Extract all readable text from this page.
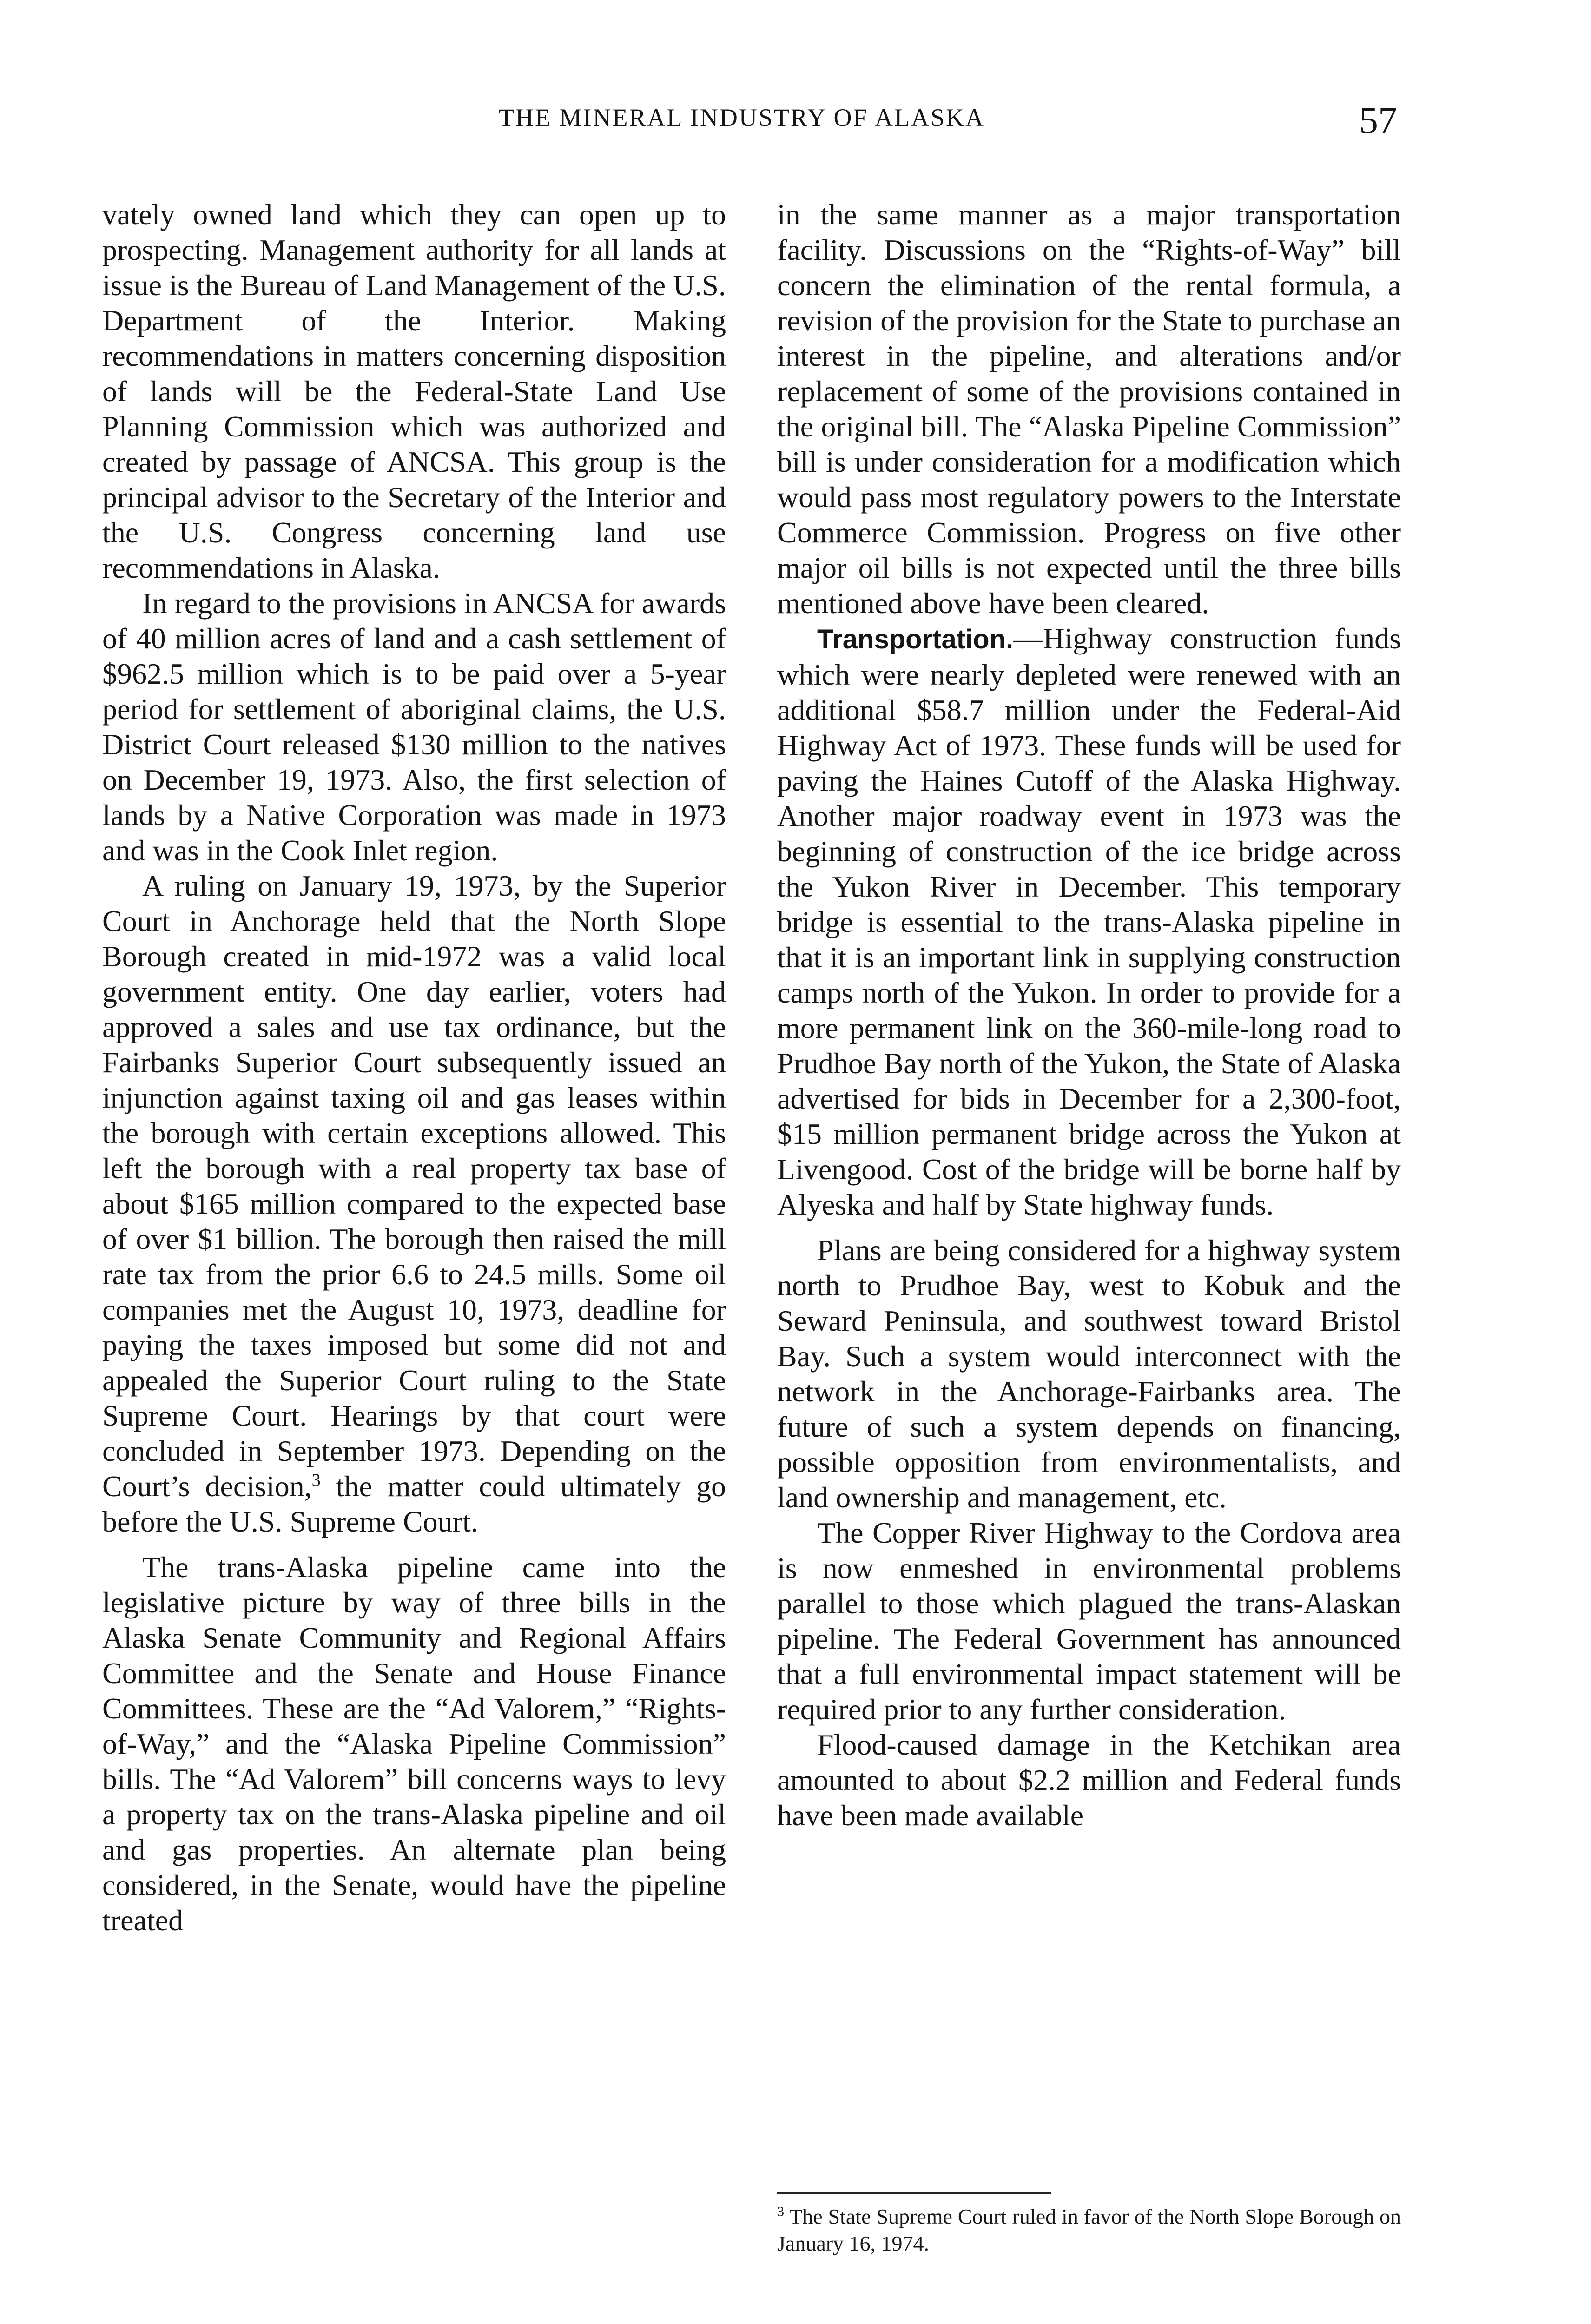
THE MINERAL INDUSTRY OF ALASKA	57

vately owned land which they can open up to prospecting. Management authority for all lands at issue is the Bureau of Land Management of the U.S. Department of the Interior. Making recommendations in matters concerning disposition of lands will be the Federal-State Land Use Planning Commission which was authorized and created by passage of ANCSA. This group is the principal advisor to the Secretary of the Interior and the U.S. Congress concerning land use recommendations in Alaska.

In regard to the provisions in ANCSA for awards of 40 million acres of land and a cash settlement of $962.5 million which is to be paid over a 5-year period for settlement of aboriginal claims, the U.S. District Court released $130 million to the natives on December 19, 1973. Also, the first selection of lands by a Native Corporation was made in 1973 and was in the Cook Inlet region.

A ruling on January 19, 1973, by the Superior Court in Anchorage held that the North Slope Borough created in mid-1972 was a valid local government entity. One day earlier, voters had approved a sales and use tax ordinance, but the Fairbanks Superior Court subsequently issued an injunction against taxing oil and gas leases within the borough with certain exceptions allowed. This left the borough with a real property tax base of about $165 million compared to the expected base of over $1 billion. The borough then raised the mill rate tax from the prior 6.6 to 24.5 mills. Some oil companies met the August 10, 1973, deadline for paying the taxes imposed but some did not and appealed the Superior Court ruling to the State Supreme Court. Hearings by that court were concluded in September 1973. Depending on the Court’s decision,$^3$ the matter could ultimately go before the U.S. Supreme Court.

The trans-Alaska pipeline came into the legislative picture by way of three bills in the Alaska Senate Community and Regional Affairs Committee and the Senate and House Finance Committees. These are the “Ad Valorem,” “Rights-of-Way,” and the “Alaska Pipeline Commission” bills. The “Ad Valorem” bill concerns ways to levy a property tax on the trans-Alaska pipeline and oil and gas properties. An alternate plan being considered, in the Senate, would have the pipeline treated

in the same manner as a major transportation facility. Discussions on the “Rights-of-Way” bill concern the elimination of the rental formula, a revision of the provision for the State to purchase an interest in the pipeline, and alterations and/or replacement of some of the provisions contained in the original bill. The “Alaska Pipeline Commission” bill is under consideration for a modification which would pass most regulatory powers to the Interstate Commerce Commission. Progress on five other major oil bills is not expected until the three bills mentioned above have been cleared.

Transportation.—Highway construction funds which were nearly depleted were renewed with an additional $58.7 million under the Federal-Aid Highway Act of 1973. These funds will be used for paving the Haines Cutoff of the Alaska Highway. Another major roadway event in 1973 was the beginning of construction of the ice bridge across the Yukon River in December. This temporary bridge is essential to the trans-Alaska pipeline in that it is an important link in supplying construction camps north of the Yukon. In order to provide for a more permanent link on the 360-mile-long road to Prudhoe Bay north of the Yukon, the State of Alaska advertised for bids in December for a 2,300-foot, $15 million permanent bridge across the Yukon at Livengood. Cost of the bridge will be borne half by Alyeska and half by State highway funds.

Plans are being considered for a highway system north to Prudhoe Bay, west to Kobuk and the Seward Peninsula, and southwest toward Bristol Bay. Such a system would interconnect with the network in the Anchorage-Fairbanks area. The future of such a system depends on financing, possible opposition from environmentalists, and land ownership and management, etc.

The Copper River Highway to the Cordova area is now enmeshed in environmental problems parallel to those which plagued the trans-Alaskan pipeline. The Federal Government has announced that a full environmental impact statement will be required prior to any further consideration.

Flood-caused damage in the Ketchikan area amounted to about $2.2 million and Federal funds have been made available

$^3$ The State Supreme Court ruled in favor of the North Slope Borough on January 16, 1974.
